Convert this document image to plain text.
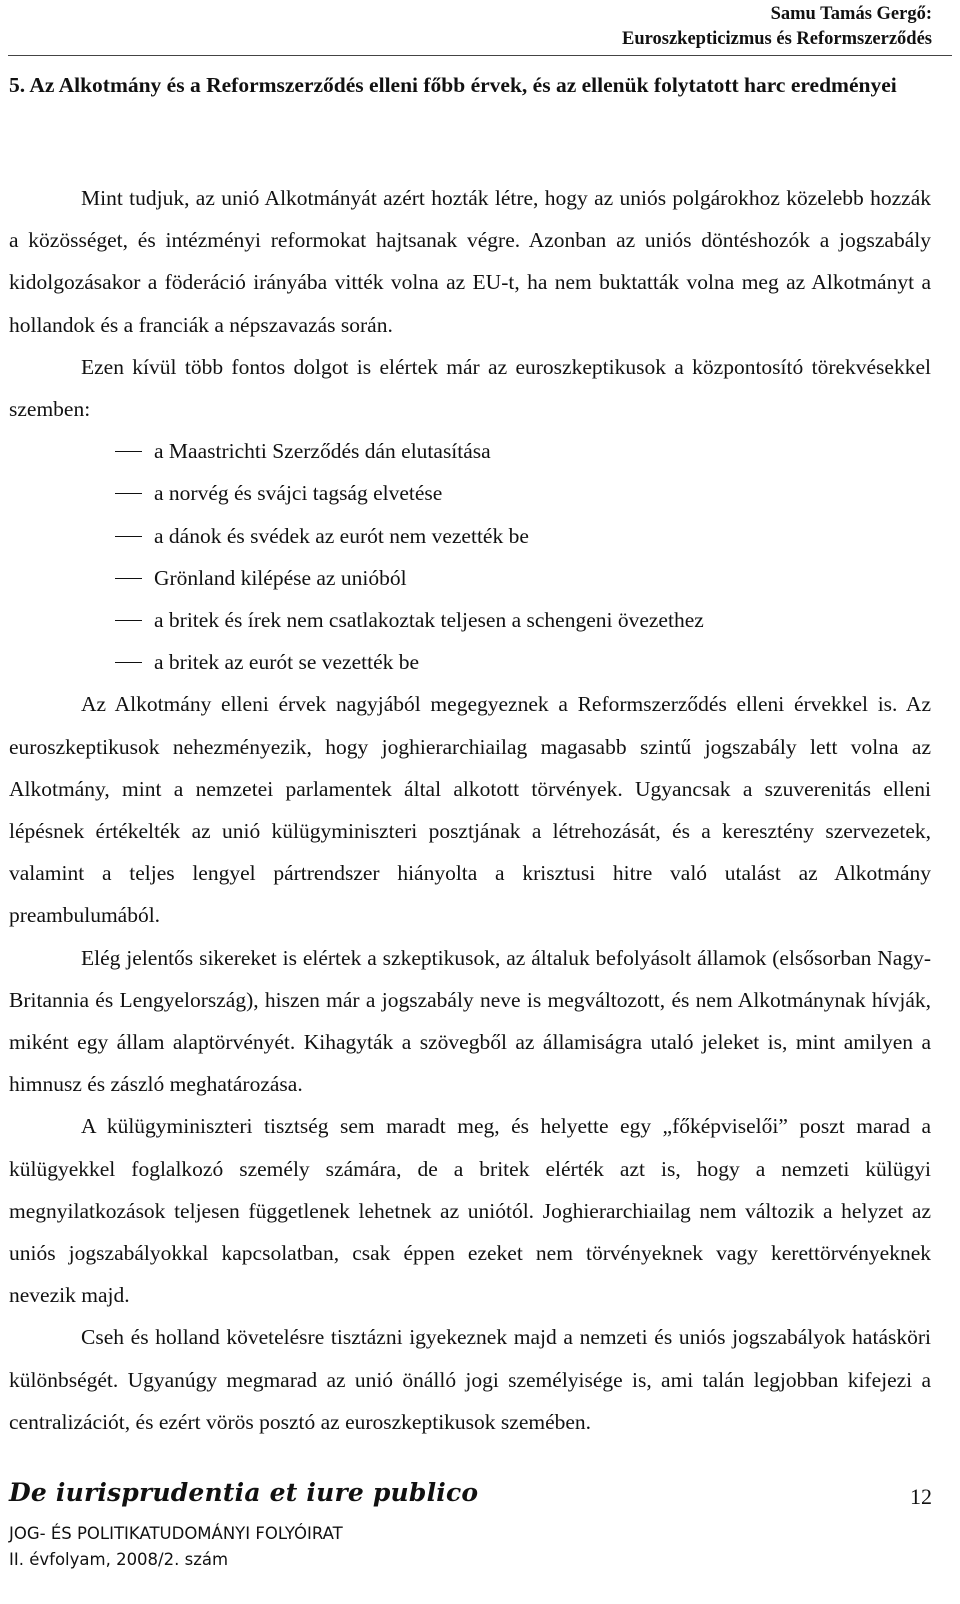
Samu Tamás Gergő:
Euroszkepticizmus és Reformszerződés
5. Az Alkotmány és a Reformszerződés elleni főbb érvek, és az ellenük folytatott harc eredményei

Mint tudjuk, az unió Alkotmányát azért hozták létre, hogy az uniós polgárokhoz közelebb hozzák a közösséget, és intézményi reformokat hajtsanak végre. Azonban az uniós döntéshozók a jogszabály kidolgozásakor a föderáció irányába vitték volna az EU-t, ha nem buktatták volna meg az Alkotmányt a hollandok és a franciák a népszavazás során.

Ezen kívül több fontos dolgot is elértek már az euroszkeptikusok a központosító törekvésekkel szemben:

a Maastrichti Szerződés dán elutasítása
a norvég és svájci tagság elvetése
a dánok és svédek az eurót nem vezették be
Grönland kilépése az unióból
a britek és írek nem csatlakoztak teljesen a schengeni övezethez
a britek az eurót se vezették be

Az Alkotmány elleni érvek nagyjából megegyeznek a Reformszerződés elleni érvekkel is. Az euroszkeptikusok nehezményezik, hogy joghierarchiailag magasabb szintű jogszabály lett volna az Alkotmány, mint a nemzetei parlamentek által alkotott törvények. Ugyancsak a szuverenitás elleni lépésnek értékelték az unió külügyminiszteri posztjának a létrehozását, és a keresztény szervezetek, valamint a teljes lengyel pártrendszer hiányolta a krisztusi hitre való utalást az Alkotmány preambulumából.

Elég jelentős sikereket is elértek a szkeptikusok, az általuk befolyásolt államok (elsősorban Nagy-Britannia és Lengyelország), hiszen már a jogszabály neve is megváltozott, és nem Alkotmánynak hívják, miként egy állam alaptörvényét. Kihagyták a szövegből az államiságra utaló jeleket is, mint amilyen a himnusz és zászló meghatározása.

A külügyminiszteri tisztség sem maradt meg, és helyette egy „főképviselői” poszt marad a külügyekkel foglalkozó személy számára, de a britek elérték azt is, hogy a nemzeti külügyi megnyilatkozások teljesen függetlenek lehetnek az uniótól. Joghierarchiailag nem változik a helyzet az uniós jogszabályokkal kapcsolatban, csak éppen ezeket nem törvényeknek vagy kerettörvényeknek nevezik majd.

Cseh és holland követelésre tisztázni igyekeznek majd a nemzeti és uniós jogszabályok hatásköri különbségét. Ugyanúgy megmarad az unió önálló jogi személyisége is, ami talán legjobban kifejezi a centralizációt, és ezért vörös posztó az euroszkeptikusok szemében.

De iurisprudentia et iure publico	12
JOG- ÉS POLITIKATUDOMÁNYI FOLYÓIRAT
II. évfolyam, 2008/2. szám
